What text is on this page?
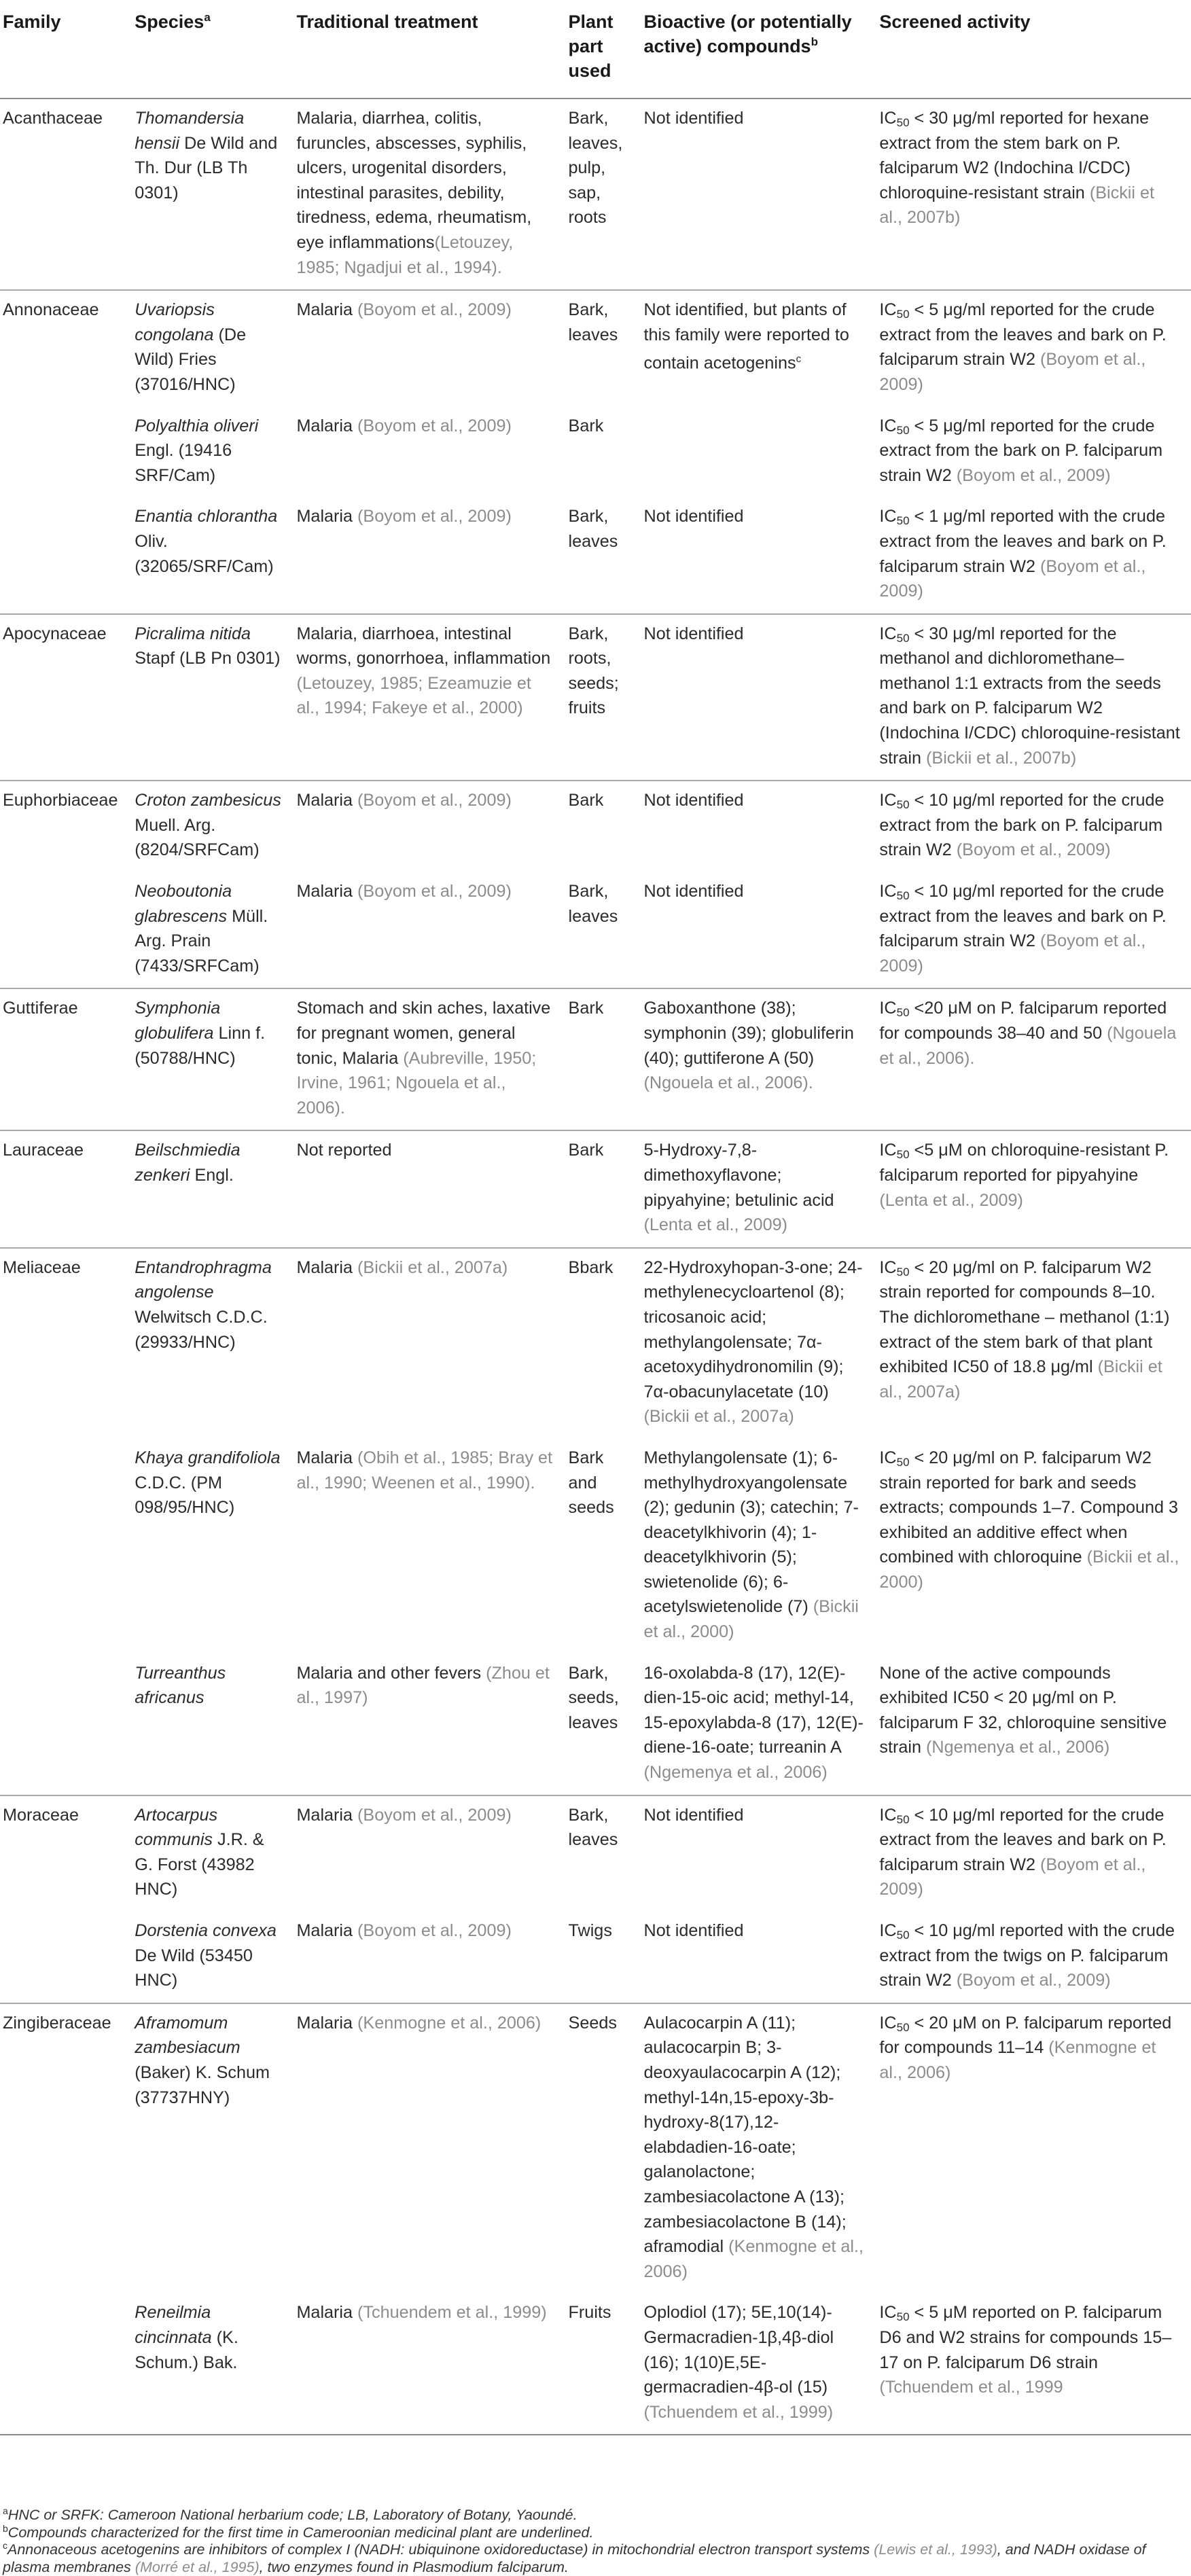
Family	Species$^a$	Traditional treatment	Plant part used	Bioactive (or potentially active) compounds$^b$	Screened activity
Acanthaceae	Thomandersia hensii De Wild and Th. Dur (LB Th 0301)	Malaria, diarrhea, colitis, furuncles, abscesses, syphilis, ulcers, urogenital disorders, intestinal parasites, debility, tiredness, edema, rheumatism, eye inflammations(Letouzey, 1985; Ngadjui et al., 1994).	Bark, leaves, pulp, sap, roots	Not identified	$IC_{50} < 30$ μg/ml reported for hexane extract from the stem bark on P. falciparum W2 (Indochina I/CDC) chloroquine-resistant strain (Bickii et al., 2007b)
Annonaceae	Uvariopsis congolana (De Wild) Fries (37016/HNC)	Malaria (Boyom et al., 2009)	Bark, leaves	Not identified, but plants of this family were reported to contain acetogenins$^c$	$IC_{50} < 5$ μg/ml reported for the crude extract from the leaves and bark on P. falciparum strain W2 (Boyom et al., 2009)
	Polyalthia oliveri Engl. (19416 SRF/Cam)	Malaria (Boyom et al., 2009)	Bark		$IC_{50} < 5$ μg/ml reported for the crude extract from the bark on P. falciparum strain W2 (Boyom et al., 2009)
	Enantia chlorantha Oliv. (32065/SRF/Cam)	Malaria (Boyom et al., 2009)	Bark, leaves	Not identified	$IC_{50} < 1$ μg/ml reported with the crude extract from the leaves and bark on P. falciparum strain W2 (Boyom et al., 2009)
Apocynaceae	Picralima nitida Stapf (LB Pn 0301)	Malaria, diarrhoea, intestinal worms, gonorrhoea, inflammation (Letouzey, 1985; Ezeamuzie et al., 1994; Fakeye et al., 2000)	Bark, roots, seeds; fruits	Not identified	$IC_{50} < 30$ μg/ml reported for the methanol and dichloromethane–methanol 1:1 extracts from the seeds and bark on P. falciparum W2 (Indochina I/CDC) chloroquine-resistant strain (Bickii et al., 2007b)
Euphorbiaceae	Croton zambesicus Muell. Arg. (8204/SRFCam)	Malaria (Boyom et al., 2009)	Bark	Not identified	$IC_{50} < 10$ μg/ml reported for the crude extract from the bark on P. falciparum strain W2 (Boyom et al., 2009)
	Neoboutonia glabrescens Müll. Arg. Prain (7433/SRFCam)	Malaria (Boyom et al., 2009)	Bark, leaves	Not identified	$IC_{50} < 10$ μg/ml reported for the crude extract from the leaves and bark on P. falciparum strain W2 (Boyom et al., 2009)
Guttiferae	Symphonia globulifera Linn f. (50788/HNC)	Stomach and skin aches, laxative for pregnant women, general tonic, Malaria (Aubreville, 1950; Irvine, 1961; Ngouela et al., 2006).	Bark	Gaboxanthone (38); symphonin (39); globuliferin (40); guttiferone A (50) (Ngouela et al., 2006).	$IC_{50} <20$ μM on P. falciparum reported for compounds 38–40 and 50 (Ngouela et al., 2006).
Lauraceae	Beilschmiedia zenkeri Engl.	Not reported	Bark	5-Hydroxy-7,8-dimethoxyflavone; pipyahyine; betulinic acid (Lenta et al., 2009)	$IC_{50} <5$ μM on chloroquine-resistant P. falciparum reported for pipyahyine (Lenta et al., 2009)
Meliaceae	Entandrophragma angolense Welwitsch C.D.C. (29933/HNC)	Malaria (Bickii et al., 2007a)	Bbark	22-Hydroxyhopan-3-one; 24-methylenecycloartenol (8); tricosanoic acid; methylangolensate; 7α-acetoxydihydronomilin (9); 7α-obacunylacetate (10) (Bickii et al., 2007a)	$IC_{50} < 20$ μg/ml on P. falciparum W2 strain reported for compounds 8–10. The dichloromethane – methanol (1:1) extract of the stem bark of that plant exhibited IC50 of 18.8 μg/ml (Bickii et al., 2007a)
	Khaya grandifoliola C.D.C. (PM 098/95/HNC)	Malaria (Obih et al., 1985; Bray et al., 1990; Weenen et al., 1990).	Bark and seeds	Methylangolensate (1); 6-methylhydroxyangolensate (2); gedunin (3); catechin; 7-deacetylkhivorin (4); 1-deacetylkhivorin (5); swietenolide (6); 6-acetylswietenolide (7) (Bickii et al., 2000)	$IC_{50} < 20$ μg/ml on P. falciparum W2 strain reported for bark and seeds extracts; compounds 1–7. Compound 3 exhibited an additive effect when combined with chloroquine (Bickii et al., 2000)
	Turreanthus africanus	Malaria and other fevers (Zhou et al., 1997)	Bark, seeds, leaves	16-oxolabda-8 (17), 12(E)-dien-15-oic acid; methyl-14, 15-epoxylabda-8 (17), 12(E)-diene-16-oate; turreanin A (Ngemenya et al., 2006)	None of the active compounds exhibited IC50 < 20 μg/ml on P. falciparum F 32, chloroquine sensitive strain (Ngemenya et al., 2006)
Moraceae	Artocarpus communis J.R. & G. Forst (43982 HNC)	Malaria (Boyom et al., 2009)	Bark, leaves	Not identified	$IC_{50} < 10$ μg/ml reported for the crude extract from the leaves and bark on P. falciparum strain W2 (Boyom et al., 2009)
	Dorstenia convexa De Wild (53450 HNC)	Malaria (Boyom et al., 2009)	Twigs	Not identified	$IC_{50} < 10$ μg/ml reported with the crude extract from the twigs on P. falciparum strain W2 (Boyom et al., 2009)
Zingiberaceae	Aframomum zambesiacum (Baker) K. Schum (37737HNY)	Malaria (Kenmogne et al., 2006)	Seeds	Aulacocarpin A (11); aulacocarpin B; 3-deoxyaulacocarpin A (12); methyl-14n,15-epoxy-3b-hydroxy-8(17),12-elabdadien-16-oate; galanolactone; zambesiacolactone A (13); zambesiacolactone B (14); aframodial (Kenmogne et al., 2006)	$IC_{50} < 20$ μM on P. falciparum reported for compounds 11–14 (Kenmogne et al., 2006)
	Reneilmia cincinnata (K. Schum.) Bak.	Malaria (Tchuendem et al., 1999)	Fruits	Oplodiol (17); 5E,10(14)-Germacradien-1β,4β-diol (16); 1(10)E,5E-germacradien-4β-ol (15) (Tchuendem et al., 1999)	$IC_{50} < 5$ μM reported on P. falciparum D6 and W2 strains for compounds 15–17 on P. falciparum D6 strain (Tchuendem et al., 1999

$^a$HNC or SRFK: Cameroon National herbarium code; LB, Laboratory of Botany, Yaoundé.

$^b$Compounds characterized for the first time in Cameroonian medicinal plant are underlined.

$^c$Annonaceous acetogenins are inhibitors of complex I (NADH: ubiquinone oxidoreductase) in mitochondrial electron transport systems (Lewis et al., 1993), and NADH oxidase of plasma membranes (Morré et al., 1995), two enzymes found in Plasmodium falciparum.
